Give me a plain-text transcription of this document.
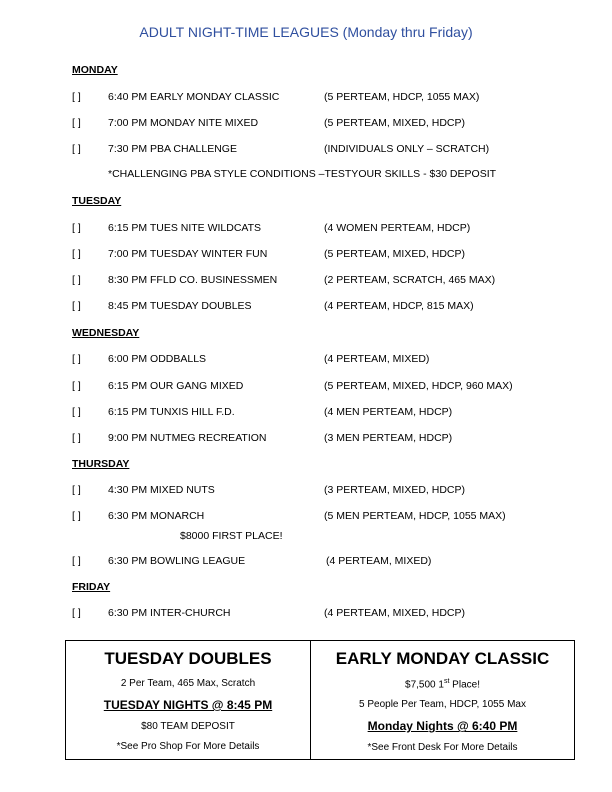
ADULT NIGHT-TIME LEAGUES (Monday thru Friday)
MONDAY
[ ]	6:40 PM EARLY MONDAY CLASSIC	(5 PERTEAM, HDCP, 1055 MAX)
[ ]	7:00 PM MONDAY NITE MIXED	(5 PERTEAM, MIXED, HDCP)
[ ]	7:30 PM PBA CHALLENGE	(INDIVIDUALS ONLY – SCRATCH)
*CHALLENGING PBA STYLE CONDITIONS –TESTYOUR SKILLS - $30 DEPOSIT
TUESDAY
[ ]	6:15 PM TUES NITE WILDCATS	(4 WOMEN PERTEAM, HDCP)
[ ]	7:00 PM TUESDAY WINTER FUN	(5 PERTEAM, MIXED, HDCP)
[ ]	8:30 PM FFLD CO. BUSINESSMEN	(2 PERTEAM, SCRATCH, 465 MAX)
[ ]	8:45 PM TUESDAY DOUBLES	(4 PERTEAM, HDCP, 815 MAX)
WEDNESDAY
[ ]	6:00 PM ODDBALLS	(4 PERTEAM, MIXED)
[ ]	6:15 PM OUR GANG MIXED	(5 PERTEAM, MIXED, HDCP, 960 MAX)
[ ]	6:15 PM TUNXIS HILL F.D.	(4 MEN PERTEAM, HDCP)
[ ]	9:00 PM NUTMEG RECREATION	(3 MEN PERTEAM, HDCP)
THURSDAY
[ ]	4:30 PM MIXED NUTS	(3 PERTEAM, MIXED, HDCP)
[ ]	6:30 PM MONARCH	(5 MEN PERTEAM, HDCP, 1055 MAX)
$8000 FIRST PLACE!
[ ]	6:30 PM BOWLING LEAGUE	(4 PERTEAM, MIXED)
FRIDAY
[ ]	6:30 PM INTER-CHURCH	(4 PERTEAM, MIXED, HDCP)
TUESDAY DOUBLES
2 Per Team, 465 Max, Scratch
TUESDAY NIGHTS @ 8:45 PM
$80 TEAM DEPOSIT
*See Pro Shop For More Details
EARLY MONDAY CLASSIC
$7,500 1st Place!
5 People Per Team, HDCP, 1055 Max
Monday Nights @ 6:40 PM
*See Front Desk For More Details
